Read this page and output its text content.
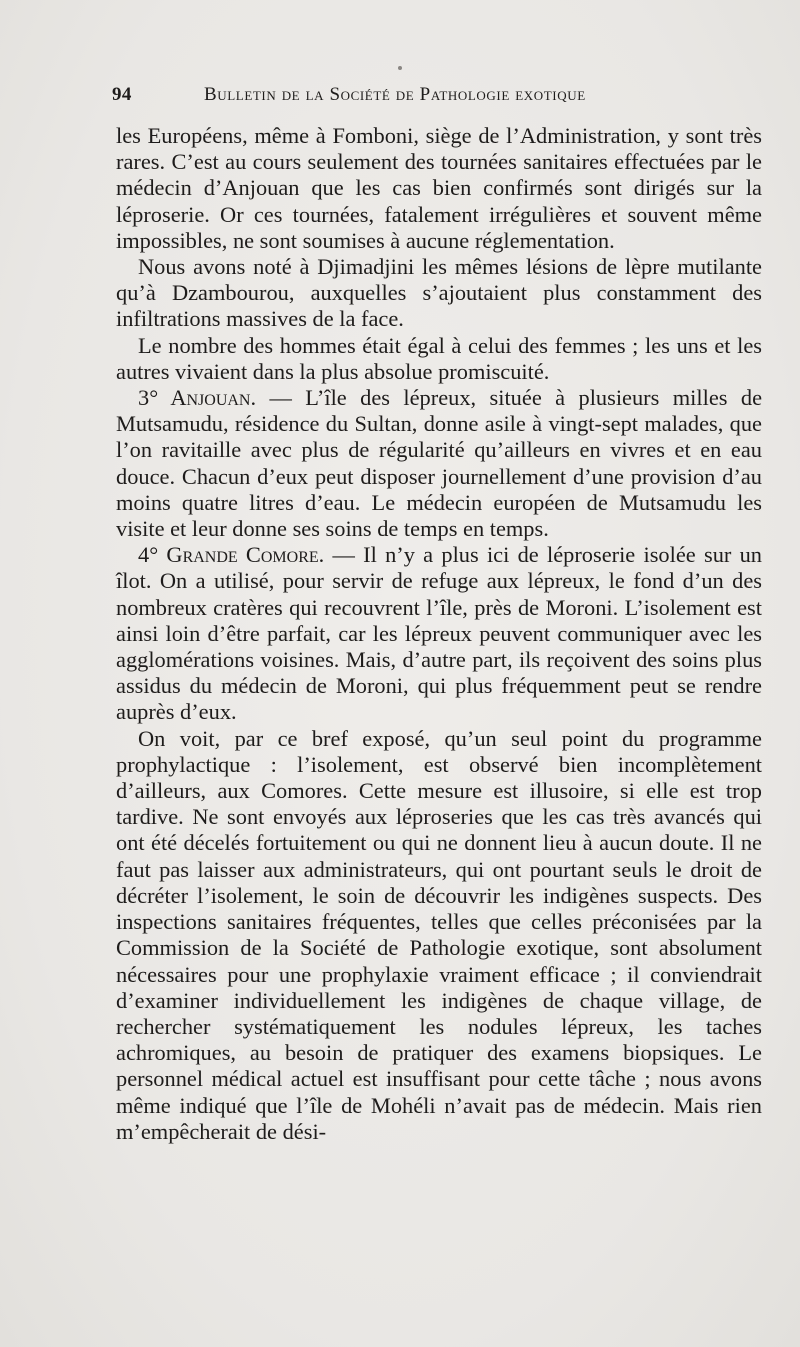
94	Bulletin de la Société de Pathologie exotique

les Européens, même à Fomboni, siège de l’Administration, y sont très rares. C’est au cours seulement des tournées sanitaires effectuées par le médecin d’Anjouan que les cas bien confirmés sont dirigés sur la léproserie. Or ces tournées, fatalement irrégulières et souvent même impossibles, ne sont soumises à aucune réglementation.

Nous avons noté à Djimadjini les mêmes lésions de lèpre mutilante qu’à Dzambourou, auxquelles s’ajoutaient plus constamment des infiltrations massives de la face.

Le nombre des hommes était égal à celui des femmes ; les uns et les autres vivaient dans la plus absolue promiscuité.

3° Anjouan. — L’île des lépreux, située à plusieurs milles de Mutsamudu, résidence du Sultan, donne asile à vingt-sept malades, que l’on ravitaille avec plus de régularité qu’ailleurs en vivres et en eau douce. Chacun d’eux peut disposer journellement d’une provision d’au moins quatre litres d’eau. Le médecin européen de Mutsamudu les visite et leur donne ses soins de temps en temps.

4° Grande Comore. — Il n’y a plus ici de léproserie isolée sur un îlot. On a utilisé, pour servir de refuge aux lépreux, le fond d’un des nombreux cratères qui recouvrent l’île, près de Moroni. L’isolement est ainsi loin d’être parfait, car les lépreux peuvent communiquer avec les agglomérations voisines. Mais, d’autre part, ils reçoivent des soins plus assidus du médecin de Moroni, qui plus fréquemment peut se rendre auprès d’eux.

On voit, par ce bref exposé, qu’un seul point du programme prophylactique : l’isolement, est observé bien incomplètement d’ailleurs, aux Comores. Cette mesure est illusoire, si elle est trop tardive. Ne sont envoyés aux léproseries que les cas très avancés qui ont été décelés fortuitement ou qui ne donnent lieu à aucun doute. Il ne faut pas laisser aux administrateurs, qui ont pourtant seuls le droit de décréter l’isolement, le soin de découvrir les indigènes suspects. Des inspections sanitaires fréquentes, telles que celles préconisées par la Commission de la Société de Pathologie exotique, sont absolument nécessaires pour une prophylaxie vraiment efficace ; il conviendrait d’examiner individuellement les indigènes de chaque village, de rechercher systématiquement les nodules lépreux, les taches achromiques, au besoin de pratiquer des examens biopsiques. Le personnel médical actuel est insuffisant pour cette tâche ; nous avons même indiqué que l’île de Mohéli n’avait pas de médecin. Mais rien m’empêcherait de dési-
